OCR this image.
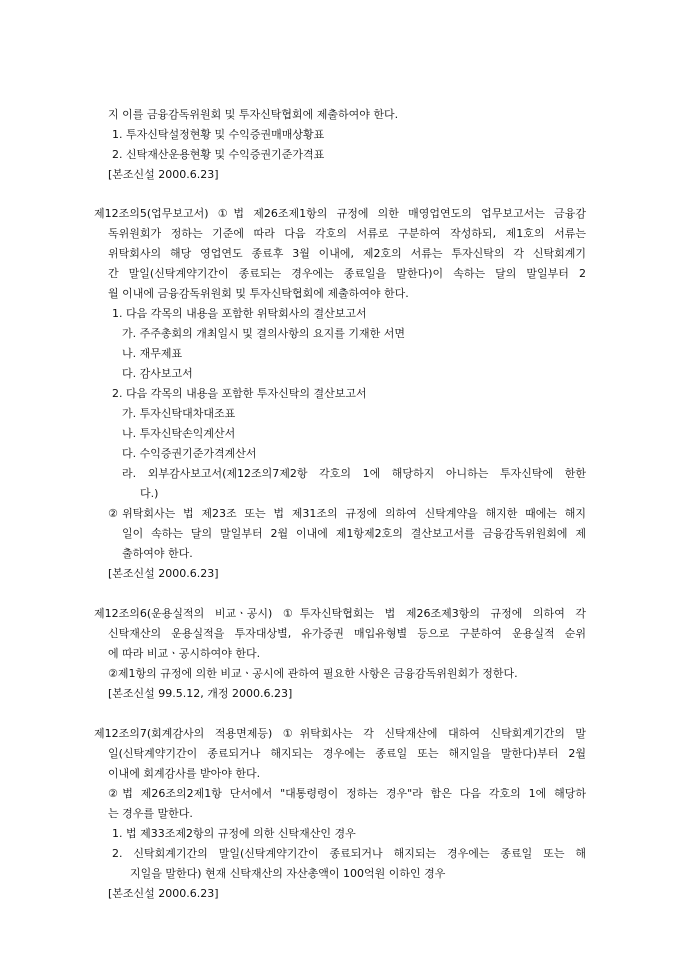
지 이를 금융감독위원회 및 투자신탁협회에 제출하여야 한다.
1. 투자신탁설정현황 및 수익증권매매상황표
2. 신탁재산운용현황 및 수익증권기준가격표
[본조신설 2000.6.23]
제12조의5(업무보고서) ①법 제26조제1항의 규정에 의한 매영업연도의 업무보고서는 금융감
독위원회가 정하는 기준에 따라 다음 각호의 서류로 구분하여 작성하되, 제1호의 서류는
위탁회사의 해당 영업연도 종료후 3월 이내에, 제2호의 서류는 투자신탁의 각 신탁회계기
간 말일(신탁계약기간이 종료되는 경우에는 종료일을 말한다)이 속하는 달의 말일부터 2
월 이내에 금융감독위원회 및 투자신탁협회에 제출하여야 한다.
1. 다음 각목의 내용을 포함한 위탁회사의 결산보고서
가. 주주총회의 개최일시 및 결의사항의 요지를 기재한 서면
나. 재무제표
다. 감사보고서
2. 다음 각목의 내용을 포함한 투자신탁의 결산보고서
가. 투자신탁대차대조표
나. 투자신탁손익계산서
다. 수익증권기준가격계산서
라. 외부감사보고서(제12조의7제2항 각호의 1에 해당하지 아니하는 투자신탁에 한한
다.)
②위탁회사는 법 제23조 또는 법 제31조의 규정에 의하여 신탁계약을 해지한 때에는 해지
일이 속하는 달의 말일부터 2월 이내에 제1항제2호의 결산보고서를 금융감독위원회에 제
출하여야 한다.
[본조신설 2000.6.23]
제12조의6(운용실적의 비교ㆍ공시) ①투자신탁협회는 법 제26조제3항의 규정에 의하여 각
신탁재산의 운용실적을 투자대상별, 유가증권 매입유형별 등으로 구분하여 운용실적 순위
에 따라 비교ㆍ공시하여야 한다.
②제1항의 규정에 의한 비교ㆍ공시에 관하여 필요한 사항은 금융감독위원회가 정한다.
[본조신설 99.5.12, 개정 2000.6.23]
제12조의7(회계감사의 적용면제등) ①위탁회사는 각 신탁재산에 대하여 신탁회계기간의 말
일(신탁계약기간이 종료되거나 해지되는 경우에는 종료일 또는 해지일을 말한다)부터 2월
이내에 회계감사를 받아야 한다.
②법 제26조의2제1항 단서에서 "대통령령이 정하는 경우"라 함은 다음 각호의 1에 해당하
는 경우를 말한다.
1. 법 제33조제2항의 규정에 의한 신탁재산인 경우
2. 신탁회계기간의 말일(신탁계약기간이 종료되거나 해지되는 경우에는 종료일 또는 해
지일을 말한다) 현재 신탁재산의 자산총액이 100억원 이하인 경우
[본조신설 2000.6.23]
